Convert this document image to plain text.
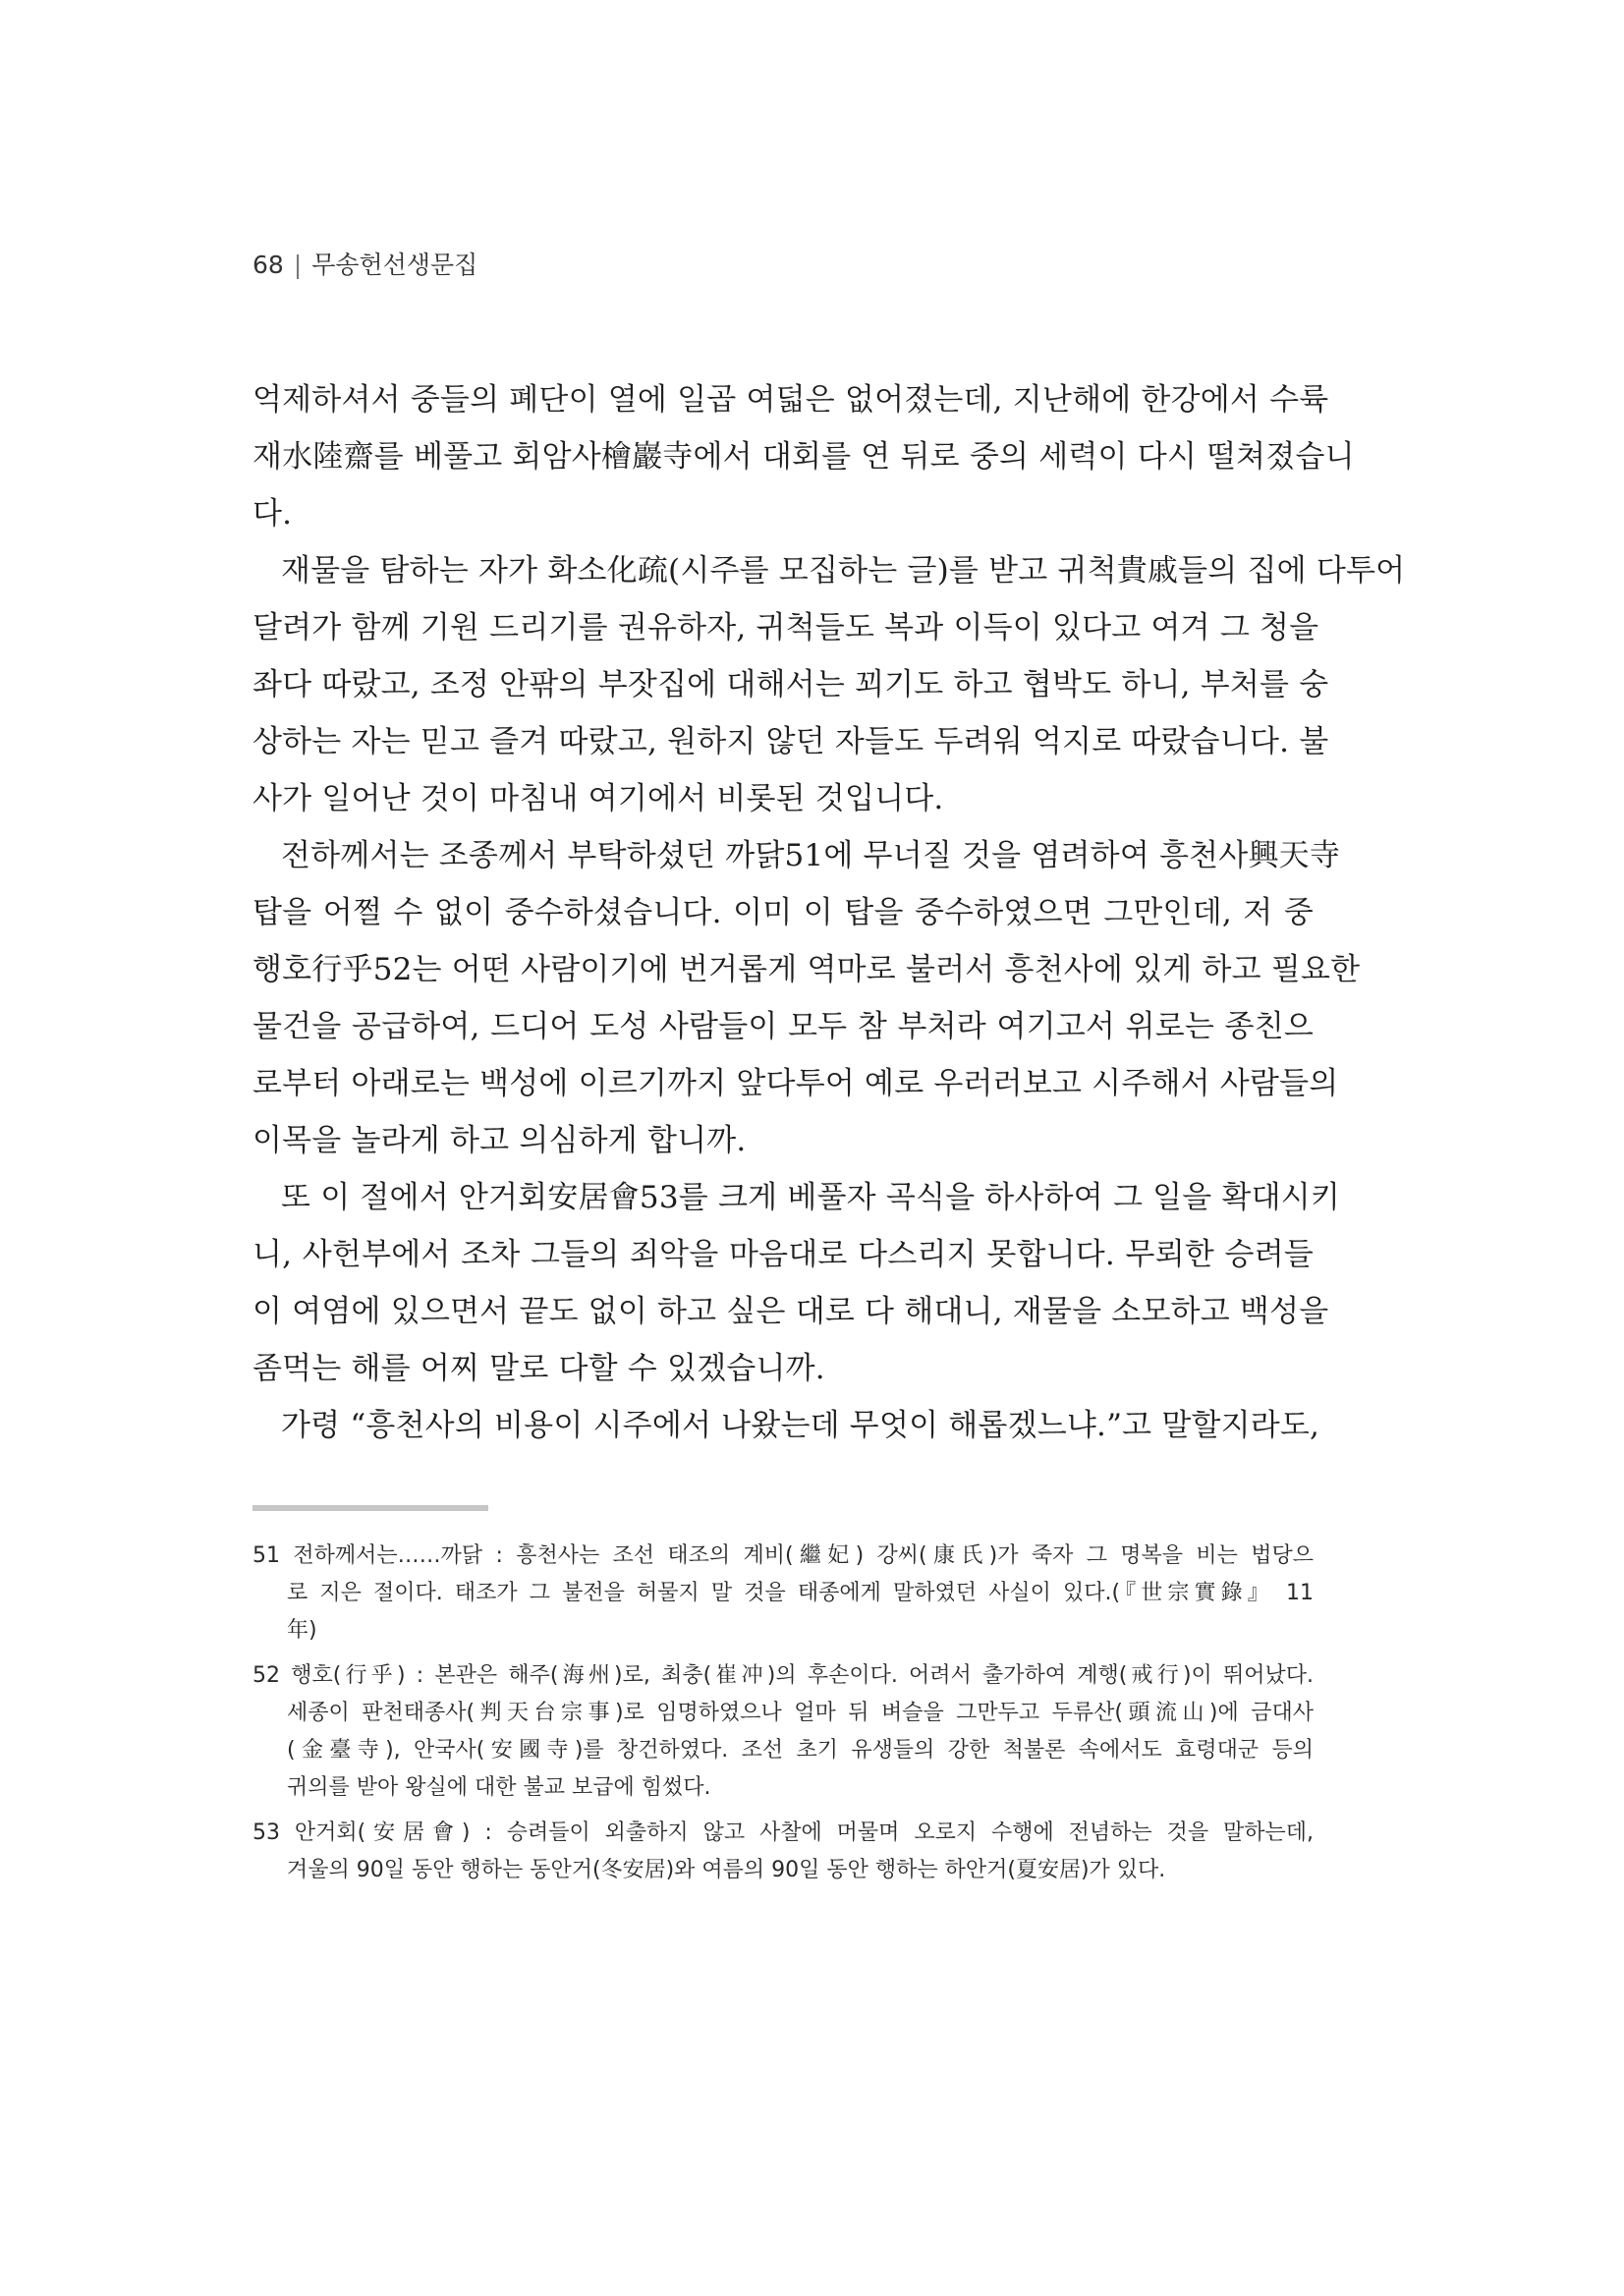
68 | 무송헌선생문집
억제하셔서 중들의 폐단이 열에 일곱 여덟은 없어졌는데, 지난해에 한강에서 수륙
재水陸齋를 베풀고 회암사檜巖寺에서 대회를 연 뒤로 중의 세력이 다시 떨쳐졌습니
다.
재물을 탐하는 자가 화소化疏(시주를 모집하는 글)를 받고 귀척貴戚들의 집에 다투어
달려가 함께 기원 드리기를 권유하자, 귀척들도 복과 이득이 있다고 여겨 그 청을
좌다 따랐고, 조정 안팎의 부잣집에 대해서는 꾀기도 하고 협박도 하니, 부처를 숭
상하는 자는 믿고 즐겨 따랐고, 원하지 않던 자들도 두려워 억지로 따랐습니다. 불
사가 일어난 것이 마침내 여기에서 비롯된 것입니다.
전하께서는 조종께서 부탁하셨던 까닭51에 무너질 것을 염려하여 흥천사興天寺
탑을 어쩔 수 없이 중수하셨습니다. 이미 이 탑을 중수하였으면 그만인데, 저 중
행호行乎52는 어떤 사람이기에 번거롭게 역마로 불러서 흥천사에 있게 하고 필요한
물건을 공급하여, 드디어 도성 사람들이 모두 참 부처라 여기고서 위로는 종친으
로부터 아래로는 백성에 이르기까지 앞다투어 예로 우러러보고 시주해서 사람들의
이목을 놀라게 하고 의심하게 합니까.
또 이 절에서 안거회安居會53를 크게 베풀자 곡식을 하사하여 그 일을 확대시키
니, 사헌부에서 조차 그들의 죄악을 마음대로 다스리지 못합니다. 무뢰한 승려들
이 여염에 있으면서 끝도 없이 하고 싶은 대로 다 해대니, 재물을 소모하고 백성을
좀먹는 해를 어찌 말로 다할 수 있겠습니까.
가령 “흥천사의 비용이 시주에서 나왔는데 무엇이 해롭겠느냐.”고 말할지라도,
51 전하께서는……까닭 : 흥천사는 조선 태조의 계비(繼妃) 강씨(康氏)가 죽자 그 명복을 비는 법당으
로 지은 절이다. 태조가 그 불전을 허물지 말 것을 태종에게 말하였던 사실이 있다.(『世宗實錄』 11
年)
52 행호(行乎) : 본관은 해주(海州)로, 최충(崔冲)의 후손이다. 어려서 출가하여 계행(戒行)이 뛰어났다.
세종이 판천태종사(判天台宗事)로 임명하였으나 얼마 뒤 벼슬을 그만두고 두류산(頭流山)에 금대사
(金臺寺), 안국사(安國寺)를 창건하였다. 조선 초기 유생들의 강한 척불론 속에서도 효령대군 등의
귀의를 받아 왕실에 대한 불교 보급에 힘썼다.
53 안거회(安居會) : 승려들이 외출하지 않고 사찰에 머물며 오로지 수행에 전념하는 것을 말하는데,
겨울의 90일 동안 행하는 동안거(冬安居)와 여름의 90일 동안 행하는 하안거(夏安居)가 있다.
